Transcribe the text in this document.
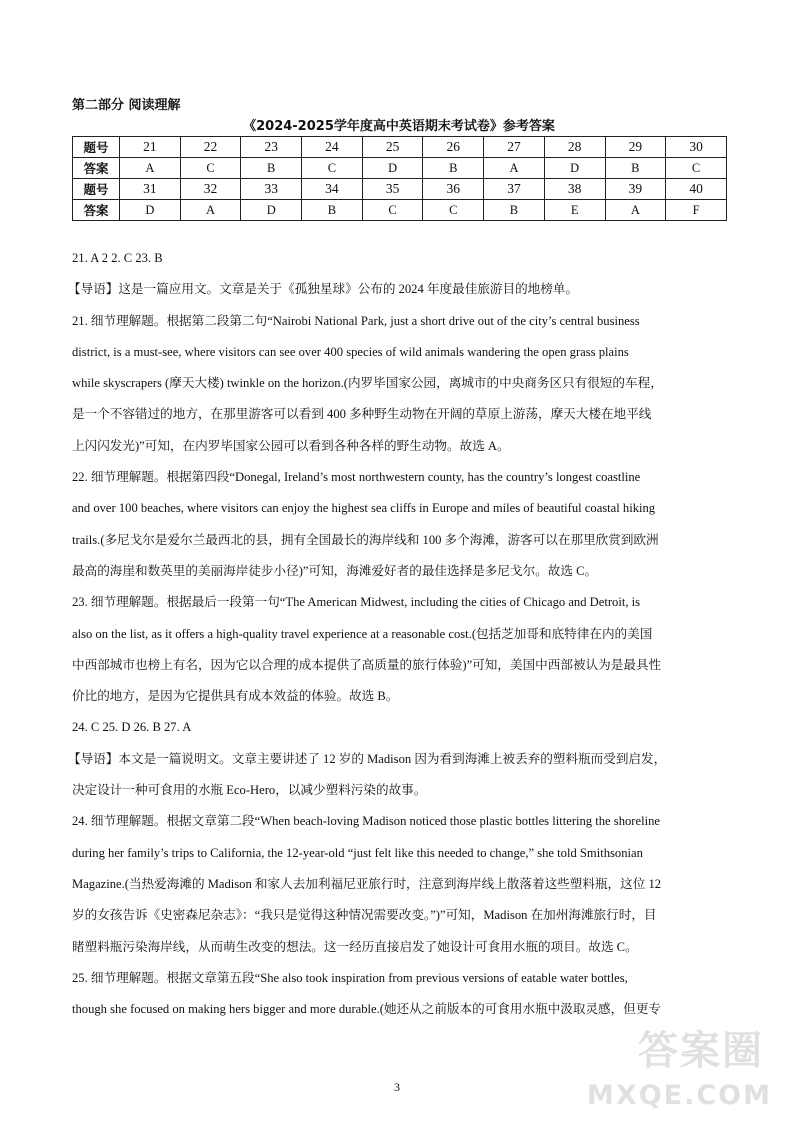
第二部分 阅读理解
《2024-2025学年度高中英语期末考试卷》参考答案
题号	21	22	23	24	25	26	27	28	29	30
答案	A	C	B	C	D	B	A	D	B	C
题号	31	32	33	34	35	36	37	38	39	40
答案	D	A	D	B	C	C	B	E	A	F

21. A 2 2. C 23. B

【导语】这是一篇应用文。文章是关于《孤独星球》公布的 2024 年度最佳旅游目的地榜单。

21. 细节理解题。根据第二段第二句“Nairobi National Park, just a short drive out of the city’s central business

district, is a must-see, where visitors can see over 400 species of wild animals wandering the open grass plains

while skyscrapers (摩天大楼) twinkle on the horizon.(内罗毕国家公园，离城市的中央商务区只有很短的车程，

是一个不容错过的地方，在那里游客可以看到 400 多种野生动物在开阔的草原上游荡，摩天大楼在地平线

上闪闪发光)”可知，在内罗毕国家公园可以看到各种各样的野生动物。故选 A。

22. 细节理解题。根据第四段“Donegal, Ireland’s most northwestern county, has the country’s longest coastline

and over 100 beaches, where visitors can enjoy the highest sea cliffs in Europe and miles of beautiful coastal hiking

trails.(多尼戈尔是爱尔兰最西北的县，拥有全国最长的海岸线和 100 多个海滩，游客可以在那里欣赏到欧洲

最高的海崖和数英里的美丽海岸徒步小径)”可知，海滩爱好者的最佳选择是多尼戈尔。故选 C。

23. 细节理解题。根据最后一段第一句“The American Midwest, including the cities of Chicago and Detroit, is

also on the list, as it offers a high-quality travel experience at a reasonable cost.(包括芝加哥和底特律在内的美国

中西部城市也榜上有名，因为它以合理的成本提供了高质量的旅行体验)”可知，美国中西部被认为是最具性

价比的地方，是因为它提供具有成本效益的体验。故选 B。

24. C 25. D 26. B 27. A

【导语】本文是一篇说明文。文章主要讲述了 12 岁的 Madison 因为看到海滩上被丢弃的塑料瓶而受到启发，

决定设计一种可食用的水瓶 Eco-Hero，以减少塑料污染的故事。

24. 细节理解题。根据文章第二段“When beach-loving Madison noticed those plastic bottles littering the shoreline

during her family’s trips to California, the 12-year-old “just felt like this needed to change,” she told Smithsonian

Magazine.(当热爱海滩的 Madison 和家人去加利福尼亚旅行时，注意到海岸线上散落着这些塑料瓶，这位 12

岁的女孩告诉《史密森尼杂志》：“我只是觉得这种情况需要改变。”)”可知，Madison 在加州海滩旅行时，目

睹塑料瓶污染海岸线，从而萌生改变的想法。这一经历直接启发了她设计可食用水瓶的项目。故选 C。

25. 细节理解题。根据文章第五段“She also took inspiration from previous versions of eatable water bottles,

though she focused on making hers bigger and more durable.(她还从之前版本的可食用水瓶中汲取灵感，但更专

3
答案圈
MXQE.COM
